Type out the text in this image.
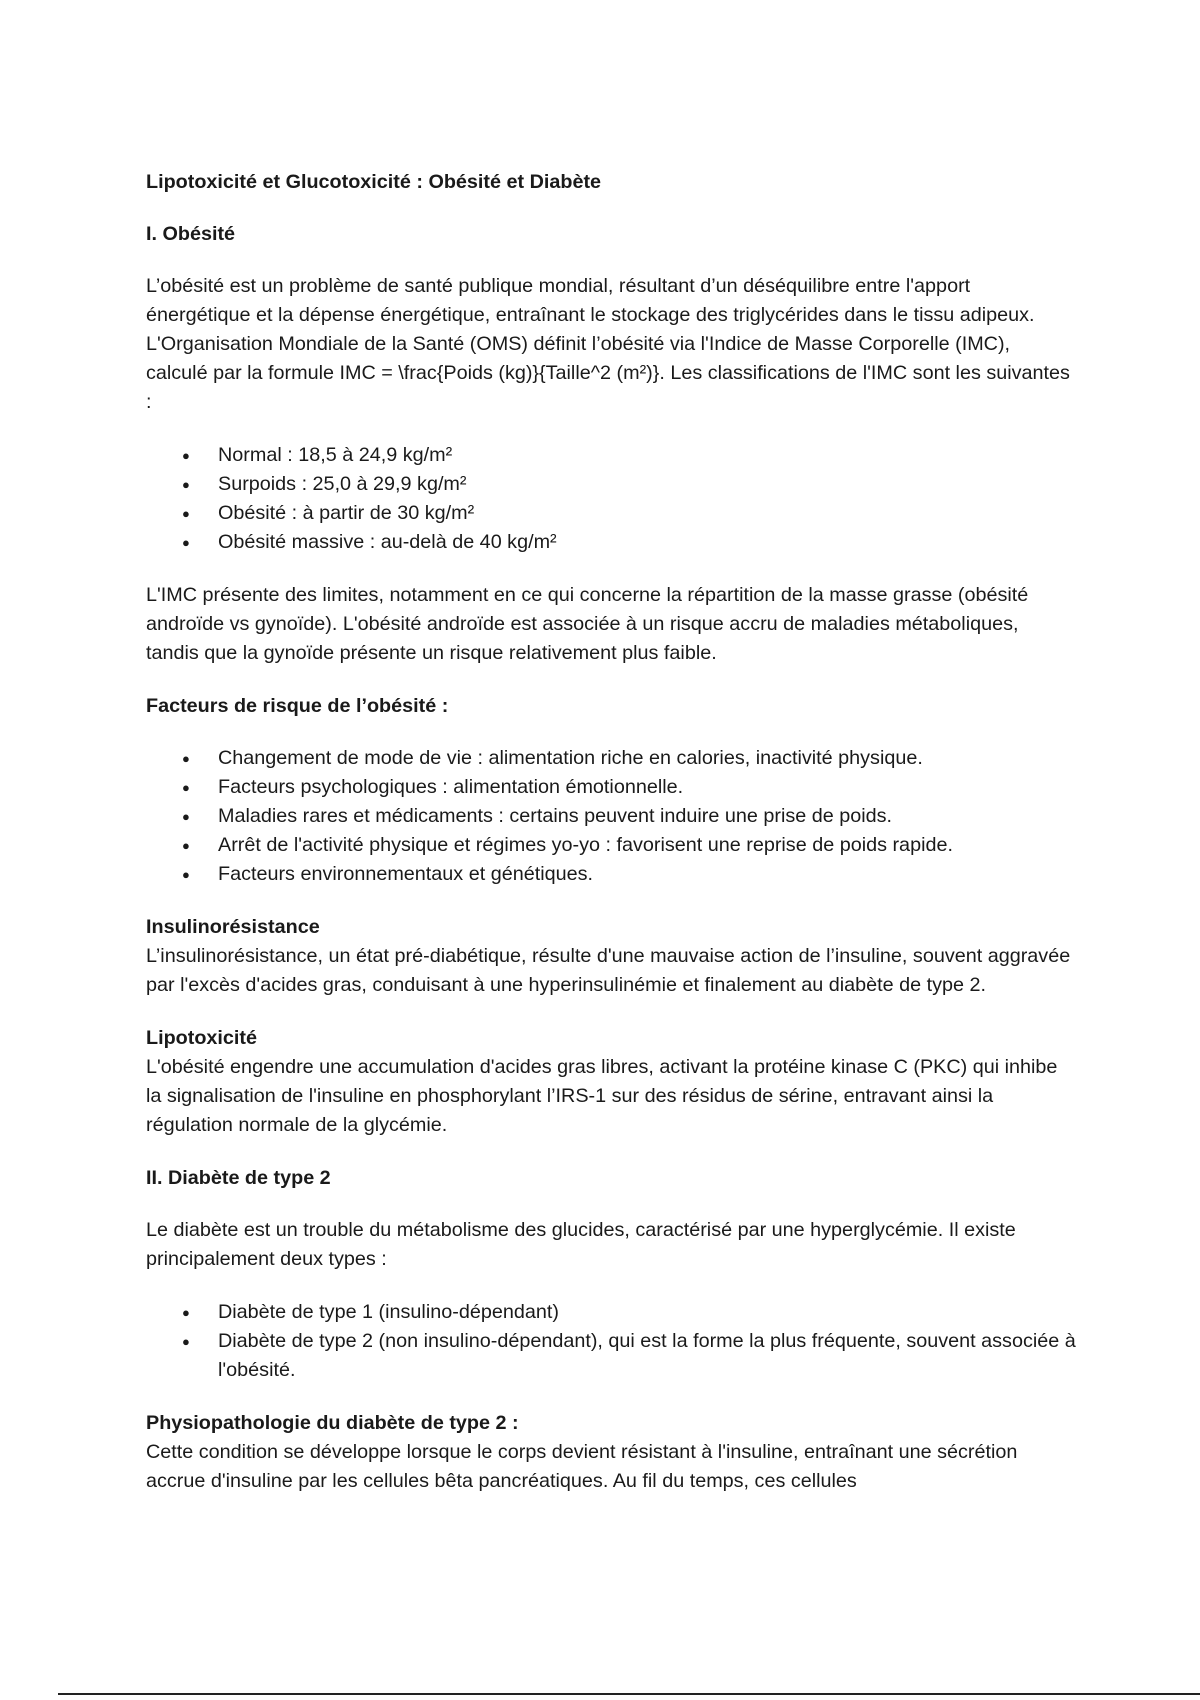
Lipotoxicité et Glucotoxicité : Obésité et Diabète
I. Obésité

L’obésité est un problème de santé publique mondial, résultant d’un déséquilibre entre l'apport énergétique et la dépense énergétique, entraînant le stockage des triglycérides dans le tissu adipeux. L'Organisation Mondiale de la Santé (OMS) définit l’obésité via l'Indice de Masse Corporelle (IMC), calculé par la formule IMC = \frac{Poids (kg)}{Taille^2 (m²)}. Les classifications de l'IMC sont les suivantes :

● Normal : 18,5 à 24,9 kg/m²
● Surpoids : 25,0 à 29,9 kg/m²
● Obésité : à partir de 30 kg/m²
● Obésité massive : au-delà de 40 kg/m²

L'IMC présente des limites, notamment en ce qui concerne la répartition de la masse grasse (obésité androïde vs gynoïde). L'obésité androïde est associée à un risque accru de maladies métaboliques, tandis que la gynoïde présente un risque relativement plus faible.

Facteurs de risque de l’obésité :
● Changement de mode de vie : alimentation riche en calories, inactivité physique.
● Facteurs psychologiques : alimentation émotionnelle.
● Maladies rares et médicaments : certains peuvent induire une prise de poids.
● Arrêt de l'activité physique et régimes yo-yo : favorisent une reprise de poids rapide.
● Facteurs environnementaux et génétiques.
Insulinorésistance

L’insulinorésistance, un état pré-diabétique, résulte d'une mauvaise action de l’insuline, souvent aggravée par l'excès d'acides gras, conduisant à une hyperinsulinémie et finalement au diabète de type 2.

Lipotoxicité

L'obésité engendre une accumulation d'acides gras libres, activant la protéine kinase C (PKC) qui inhibe la signalisation de l'insuline en phosphorylant l’IRS-1 sur des résidus de sérine, entravant ainsi la régulation normale de la glycémie.

II. Diabète de type 2

Le diabète est un trouble du métabolisme des glucides, caractérisé par une hyperglycémie. Il existe principalement deux types :

● Diabète de type 1 (insulino-dépendant)
● Diabète de type 2 (non insulino-dépendant), qui est la forme la plus fréquente, souvent associée à l'obésité.
Physiopathologie du diabète de type 2 :

Cette condition se développe lorsque le corps devient résistant à l'insuline, entraînant une sécrétion accrue d'insuline par les cellules bêta pancréatiques. Au fil du temps, ces cellules
